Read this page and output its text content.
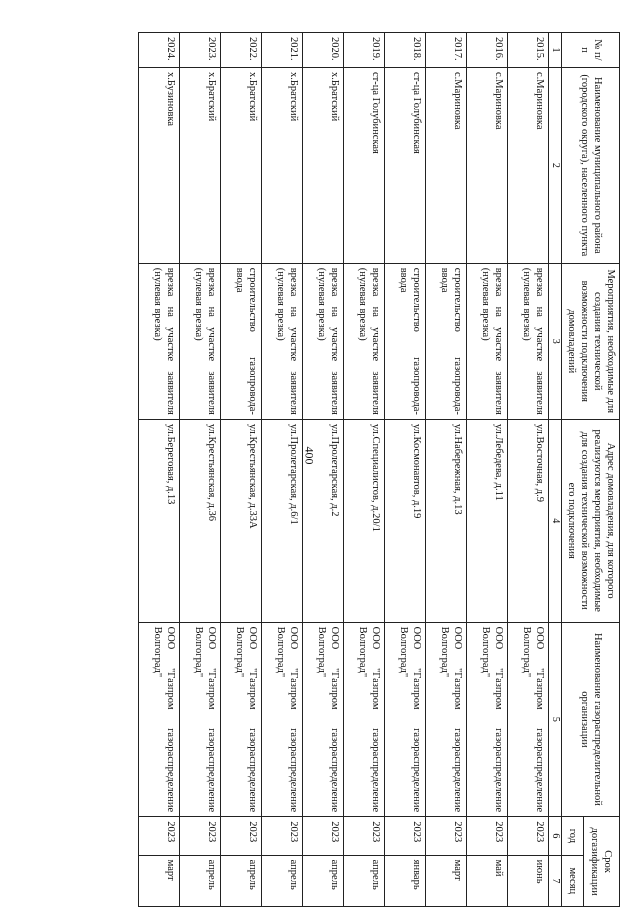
400
№ п/п	Наименование муниципального района (городского округа), населенного пункта	Мероприятия, необходимые для создания технической возможности подключения домовладений	Адрес домовладения, для которого реализуются мероприятия, необходимые для создания технической возможности его подключения	Наименование газораспределительной организации	Срок догазификации	
					год	месяц
1	2	3	4	5	6	7
2015.	с.Мариновка	врезка на участке заявителя (нулевая врезка)	ул.Восточная, д.9	ООО "Газпром газораспределение Волгоград"	2023	июнь
2016.	с.Мариновка	врезка на участке заявителя (нулевая врезка)	ул.Лебедева, д.11	ООО "Газпром газораспределение Волгоград"	2023	май
2017.	с.Мариновка	строительство газопровода-ввода	ул.Набережная, д.13	ООО "Газпром газораспределение Волгоград"	2023	март
2018.	ст-ца Голубинская	строительство газопровода-ввода	ул.Космонавтов, д.19	ООО "Газпром газораспределение Волгоград"	2023	январь
2019.	ст-ца Голубинская	врезка на участке заявителя (нулевая врезка)	ул.Специалистов, д.20/1	ООО "Газпром газораспределение Волгоград"	2023	апрель
2020.	х.Братский	врезка на участке заявителя (нулевая врезка)	ул.Пролетарская, д.2	ООО "Газпром газораспределение Волгоград"	2023	апрель
2021.	х.Братский	врезка на участке заявителя (нулевая врезка)	ул.Пролетарская, д.6/1	ООО "Газпром газораспределение Волгоград"	2023	апрель
2022.	х.Братский	строительство газопровода-ввода	ул.Крестьянская, д.33А	ООО "Газпром газораспределение Волгоград"	2023	апрель
2023.	х.Братский	врезка на участке заявителя (нулевая врезка)	ул.Крестьянская, д.36	ООО "Газпром газораспределение Волгоград"	2023	апрель
2024.	х.Бузиновка	врезка на участке заявителя (нулевая врезка)	ул.Береговая, д.13	ООО "Газпром газораспределение Волгоград"	2023	март
